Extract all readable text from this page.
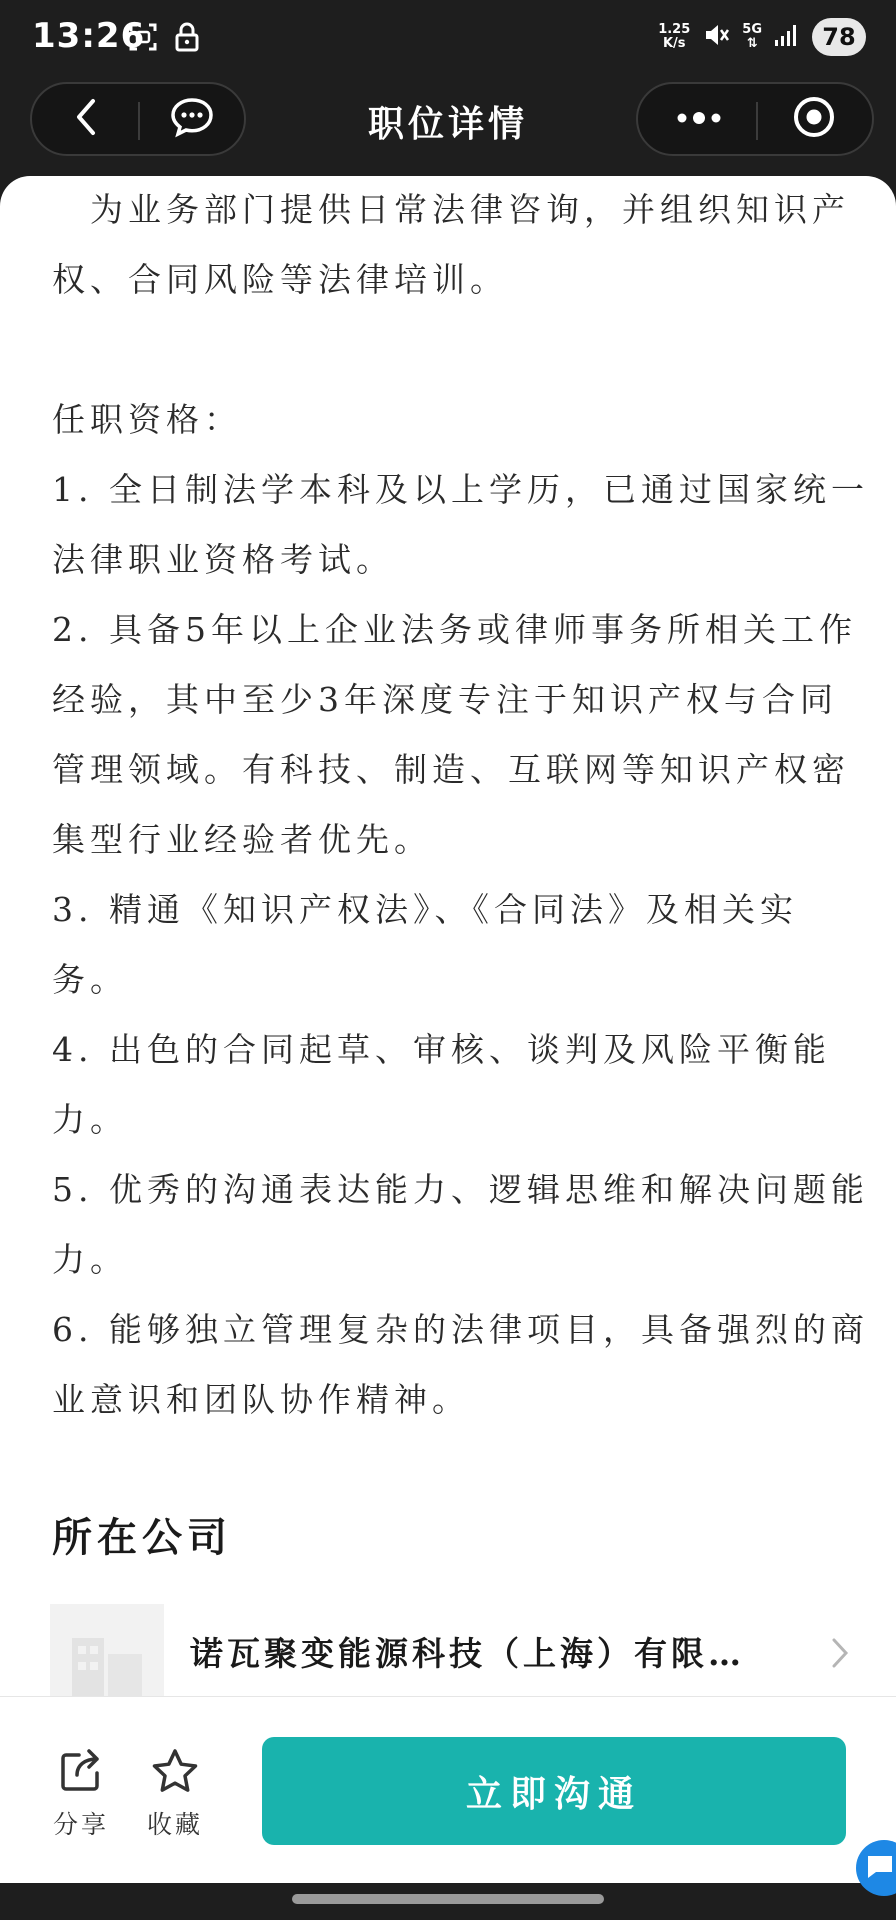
13:26	1.25
K/s
5G
⇅	78
职位详情
　为业务部门提供日常法律咨询，并组织知识产
权、合同风险等法律培训。
任职资格：
1. 全日制法学本科及以上学历，已通过国家统一
法律职业资格考试。
2. 具备5年以上企业法务或律师事务所相关工作
经验，其中至少3年深度专注于知识产权与合同
管理领域。有科技、制造、互联网等知识产权密
集型行业经验者优先。
3. 精通《知识产权法》、《合同法》及相关实
务。
4. 出色的合同起草、审核、谈判及风险平衡能
力。
5. 优秀的沟通表达能力、逻辑思维和解决问题能
力。
6. 能够独立管理复杂的法律项目，具备强烈的商
业意识和团队协作精神。
所在公司
诺瓦聚变能源科技（上海）有限…
分享 收藏
立即沟通
